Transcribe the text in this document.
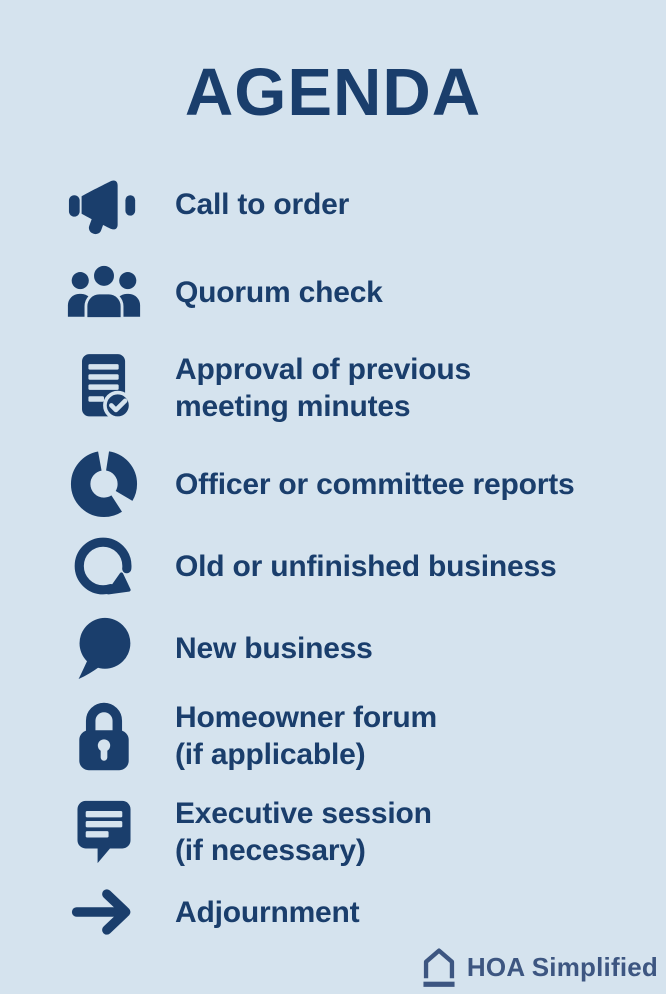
AGENDA
Call to order
Quorum check
Approval of previous
meeting minutes
Officer or committee reports
Old or unfinished business
New business
Homeowner forum
(if applicable)
Executive session
(if necessary)
Adjournment
HOA Simplified
